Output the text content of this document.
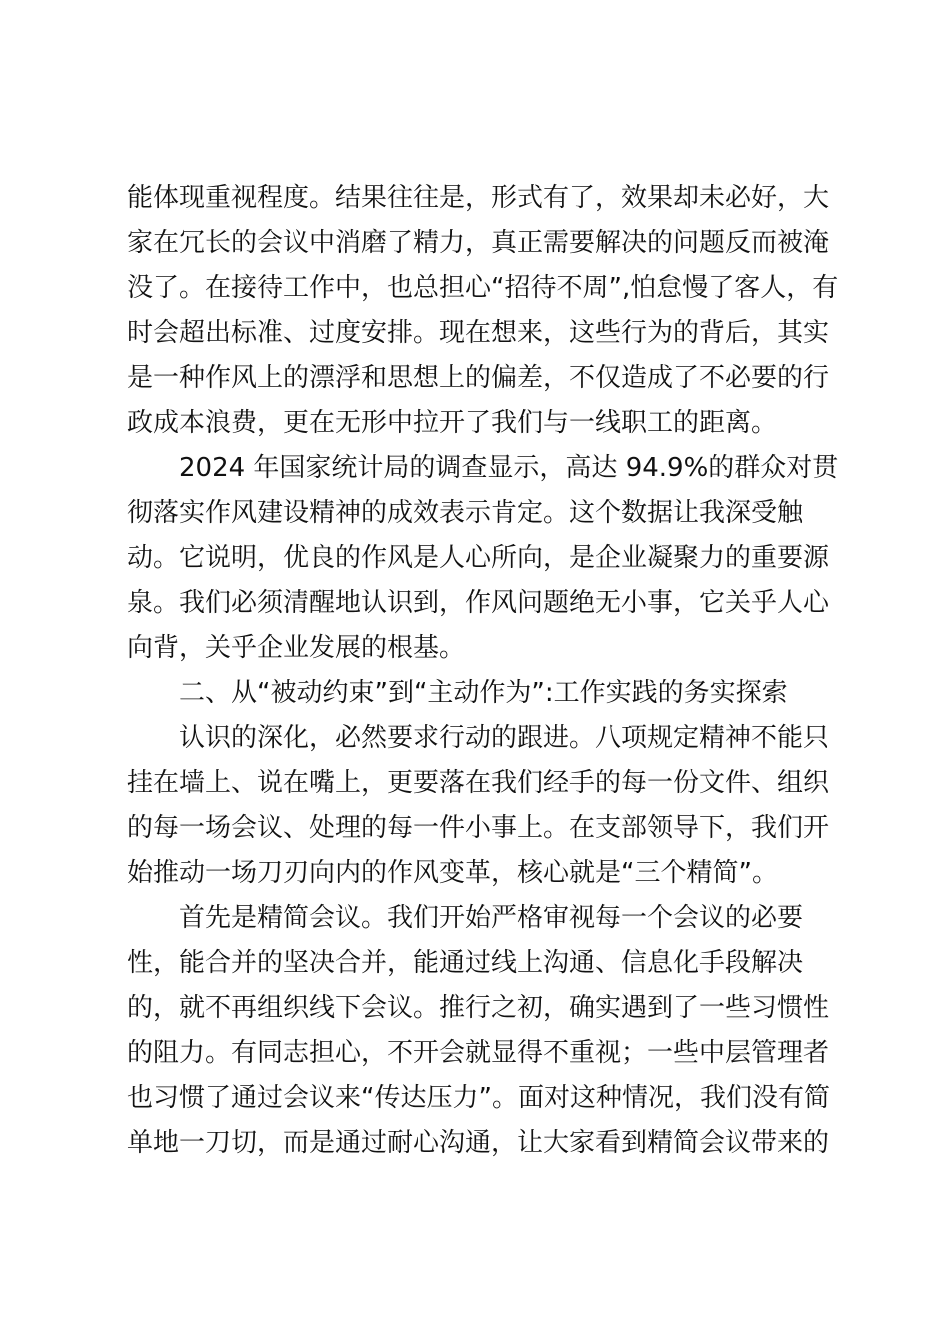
能体现重视程度。结果往往是，形式有了，效果却未必好，大
家在冗长的会议中消磨了精力，真正需要解决的问题反而被淹
没了。在接待工作中，也总担心“招待不周”,怕怠慢了客人，有
时会超出标准、过度安排。现在想来，这些行为的背后，其实
是一种作风上的漂浮和思想上的偏差，不仅造成了不必要的行
政成本浪费，更在无形中拉开了我们与一线职工的距离。
　　2024 年国家统计局的调查显示，高达 94.9%的群众对贯
彻落实作风建设精神的成效表示肯定。这个数据让我深受触
动。它说明，优良的作风是人心所向，是企业凝聚力的重要源
泉。我们必须清醒地认识到，作风问题绝无小事，它关乎人心
向背，关乎企业发展的根基。
　　二、从“被动约束”到“主动作为”:工作实践的务实探索
　　认识的深化，必然要求行动的跟进。八项规定精神不能只
挂在墙上、说在嘴上，更要落在我们经手的每一份文件、组织
的每一场会议、处理的每一件小事上。在支部领导下，我们开
始推动一场刀刃向内的作风变革，核心就是“三个精简”。
　　首先是精简会议。我们开始严格审视每一个会议的必要
性，能合并的坚决合并，能通过线上沟通、信息化手段解决
的，就不再组织线下会议。推行之初，确实遇到了一些习惯性
的阻力。有同志担心，不开会就显得不重视；一些中层管理者
也习惯了通过会议来“传达压力”。面对这种情况，我们没有简
单地一刀切，而是通过耐心沟通，让大家看到精简会议带来的
